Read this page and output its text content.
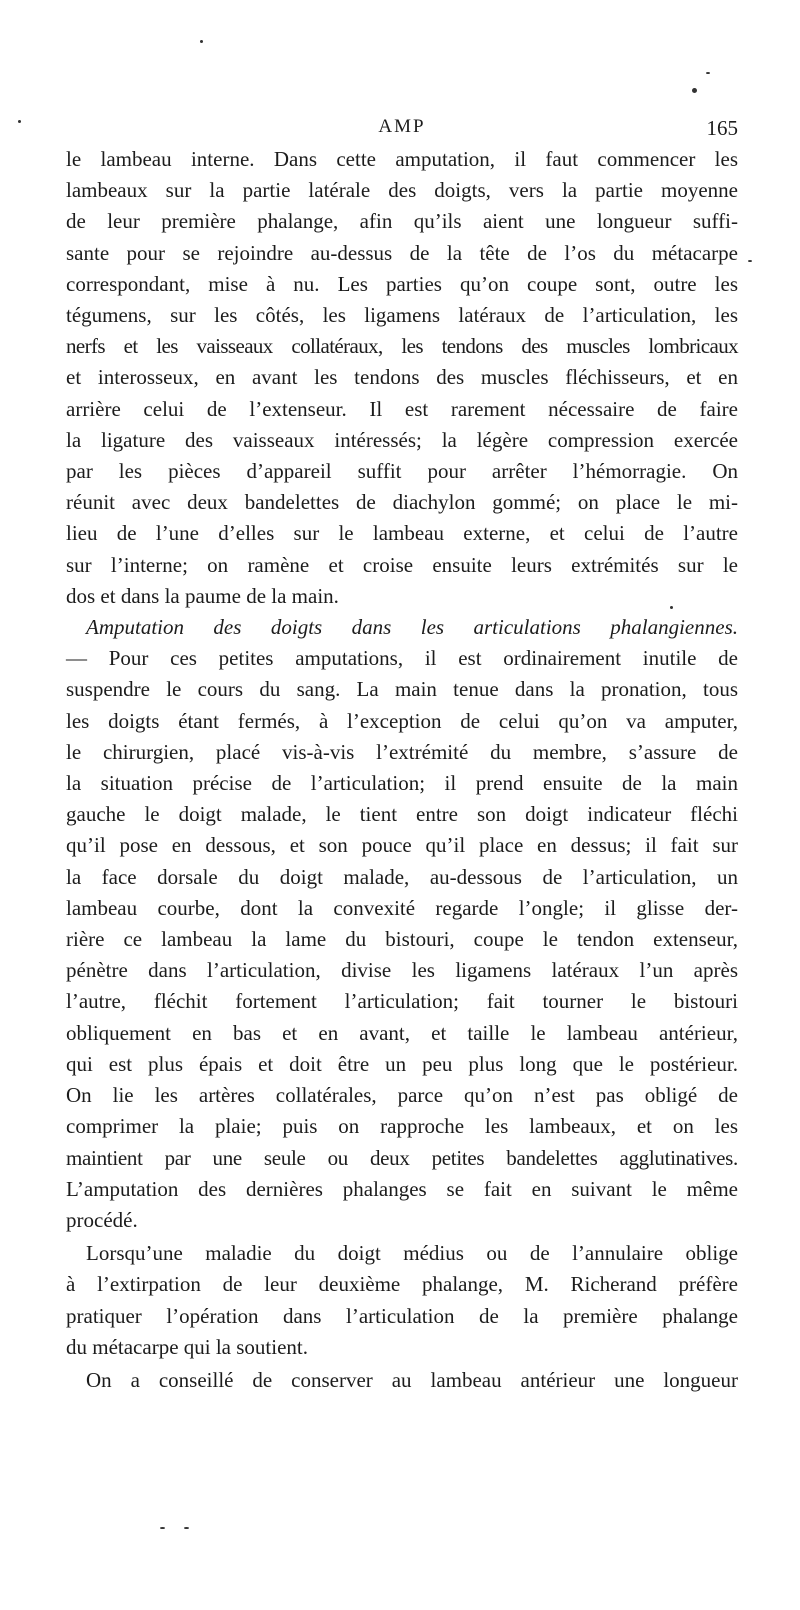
AMP	165

le lambeau interne. Dans cette amputation, il faut commencer les
lambeaux sur la partie latérale des doigts, vers la partie moyenne
de leur première phalange, afin qu’ils aient une longueur suffi-
sante pour se rejoindre au-dessus de la tête de l’os du métacarpe
correspondant, mise à nu. Les parties qu’on coupe sont, outre les
tégumens, sur les côtés, les ligamens latéraux de l’articulation, les
nerfs et les vaisseaux collatéraux, les tendons des muscles lombricaux
et interosseux, en avant les tendons des muscles fléchisseurs, et en
arrière celui de l’extenseur. Il est rarement nécessaire de faire
la ligature des vaisseaux intéressés; la légère compression exercée
par les pièces d’appareil suffit pour arrêter l’hémorragie. On
réunit avec deux bandelettes de diachylon gommé; on place le mi-
lieu de l’une d’elles sur le lambeau externe, et celui de l’autre
sur l’interne; on ramène et croise ensuite leurs extrémités sur le
dos et dans la paume de la main.

Amputation des doigts dans les articulations phalangiennes.
— Pour ces petites amputations, il est ordinairement inutile de
suspendre le cours du sang. La main tenue dans la pronation, tous
les doigts étant fermés, à l’exception de celui qu’on va amputer,
le chirurgien, placé vis-à-vis l’extrémité du membre, s’assure de
la situation précise de l’articulation; il prend ensuite de la main
gauche le doigt malade, le tient entre son doigt indicateur fléchi
qu’il pose en dessous, et son pouce qu’il place en dessus; il fait sur
la face dorsale du doigt malade, au-dessous de l’articulation, un
lambeau courbe, dont la convexité regarde l’ongle; il glisse der-
rière ce lambeau la lame du bistouri, coupe le tendon extenseur,
pénètre dans l’articulation, divise les ligamens latéraux l’un après
l’autre, fléchit fortement l’articulation; fait tourner le bistouri
obliquement en bas et en avant, et taille le lambeau antérieur,
qui est plus épais et doit être un peu plus long que le postérieur.
On lie les artères collatérales, parce qu’on n’est pas obligé de
comprimer la plaie; puis on rapproche les lambeaux, et on les
maintient par une seule ou deux petites bandelettes agglutinatives.
L’amputation des dernières phalanges se fait en suivant le même
procédé.

Lorsqu’une maladie du doigt médius ou de l’annulaire oblige
à l’extirpation de leur deuxième phalange, M. Richerand préfère
pratiquer l’opération dans l’articulation de la première phalange
du métacarpe qui la soutient.

On a conseillé de conserver au lambeau antérieur une longueur
